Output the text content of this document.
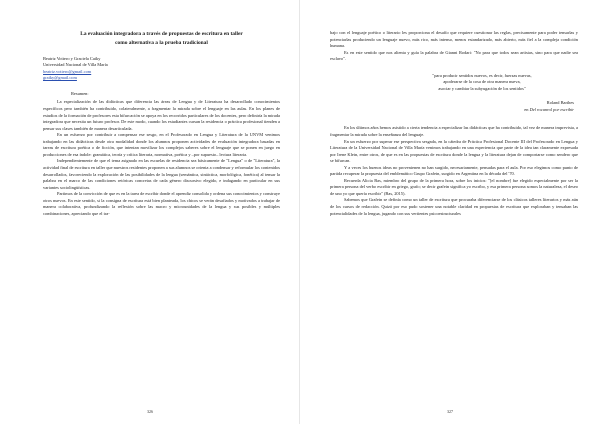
La evaluación integradora a través de propuestas de escritura en taller
como alternativa a la prueba tradicional
Beatriz Vottero y Graciela Caiky
Universidad Nacional de Villa María
beatriz.vottero@gmail.com
graiky@gmail.com
Resumen:

La especialización de las didácticas que diferencia las áreas de Lengua y de Literatura ha desarrollado conocimientos específicos pero también ha contribuido, colateralmente, a fragmentar la mirada sobre el lenguaje en las aulas. En los planes de estudios de la formación de profesores esta bifurcación se apoya en los recorridos particulares de los docentes, pero definiría la mirada integradora que necesita un futuro profesor. De este modo, cuando los estudiantes cursan la residencia o práctica profesional tienden a pensar sus clases también de manera desarticulada.

En un esfuerzo por contribuir a compensar ese sesgo, en el Profesorado en Lengua y Literatura de la UNVM venimos trabajando en las didácticas desde otra modalidad donde los alumnos proponen actividades de evaluación integradora basadas en tareas de escritura poética o de ficción, que intentan movilizar los complejos saberes sobre el lenguaje que se ponen en juego en producciones de esa índole: gramática, teoría y crítica literaria, normativa, poética y –por supuesto– lectura literaria.

Independientemente de que el tema asignado en las escuelas de residencia sea básicamente de "Lengua" o de "Literatura", la actividad final de escritura en taller que nuestros residentes proponen a sus alumnos se orienta a condensar y reformular los contenidos desarrollados, favoreciendo la exploración de las posibilidades de la lengua (semántica, sintáctica, morfológica, fonética) al tensar la palabra en el marco de las condiciones retóricas concretas de cada género discursivo elegido, e indagando en particular en sus variantes sociolingüísticas.

Partimos de la convicción de que es en la tarea de escribir donde el aprendiz consolida y ordena sus conocimientos y construye otros nuevos. En este sentido, si la consigna de escritura está bien planteada, los chicos se verán desafiados y motivados a trabajar de manera colaborativa, profundizando la reflexión sobre las macro y microunidades de la lengua y sus posibles y múltiples combinaciones, apreciando que el tra-

326

bajo con el lenguaje poético o literario les proporciona el desafío que requiere cuestionar las reglas, precisamente para poder tensarlas y potenciarlas produciendo un lenguaje nuevo, más rico, más intenso, menos estandarizado, más abierto, más fiel a la compleja condición humana.

Es en este sentido que nos alienta y guía la palabra de Gianni Rodari: "No para que todos sean artistas, sino para que nadie sea esclavo".

"para producir sentidos nuevos, es decir, fuerzas nuevas,
apoderarse de la cosa de otra manera nueva,
asociar y cambiar la subyugación de los sentidos"
Roland Barthes
en Del rocanrol por escribir

En los últimos años hemos asistido a cierta tendencia a especializar las didácticas que ha contribuido, tal vez de manera imprevista, a fragmentar la mirada sobre la enseñanza del lenguaje.

En un esfuerzo por superar ese perspectiva sesgada, en la cátedra de Práctica Profesional Docente III del Profesorado en Lengua y Literatura de la Universidad Nacional de Villa María venimos trabajando en una experiencia que parte de la idea tan claramente expresada por Irene Klein, entre otros, de que es en las propuestas de escritura donde la lengua y la literatura dejan de comportarse como sendero que se bifurcan.

Y a veces los buenos ideas no provenienen no han surgido, necesariamente, pensadas para el aula. Por eso elegimos como punto de partida recuperar la propuesta del emblemático Grupo Grafein, surgido en Argentina en la década del '70.

Recuerda Alicia Bas, miembro del grupo de la primera hora, sobre los inicios: "[el nombre] fue elegido especialmente por ser la primera persona del verbo escribir en griego, grafo; se decir grafein significa yo escribo, y esa primera persona somos la naturaleza, el deseo de uno yo que quería escribir" (Bas, 2015).

Sabemos que Grafein se definía como un taller de escritura que procuraba diferenciarse de los clásicos talleres literarios y más aún de los cursos de redacción. Quizá por eso pudo sostener una notable claridad en propuestas de escritura que exploraban y tensaban las potencialidades de la lengua, jugando con sus vertientes psicoestructurales

327
